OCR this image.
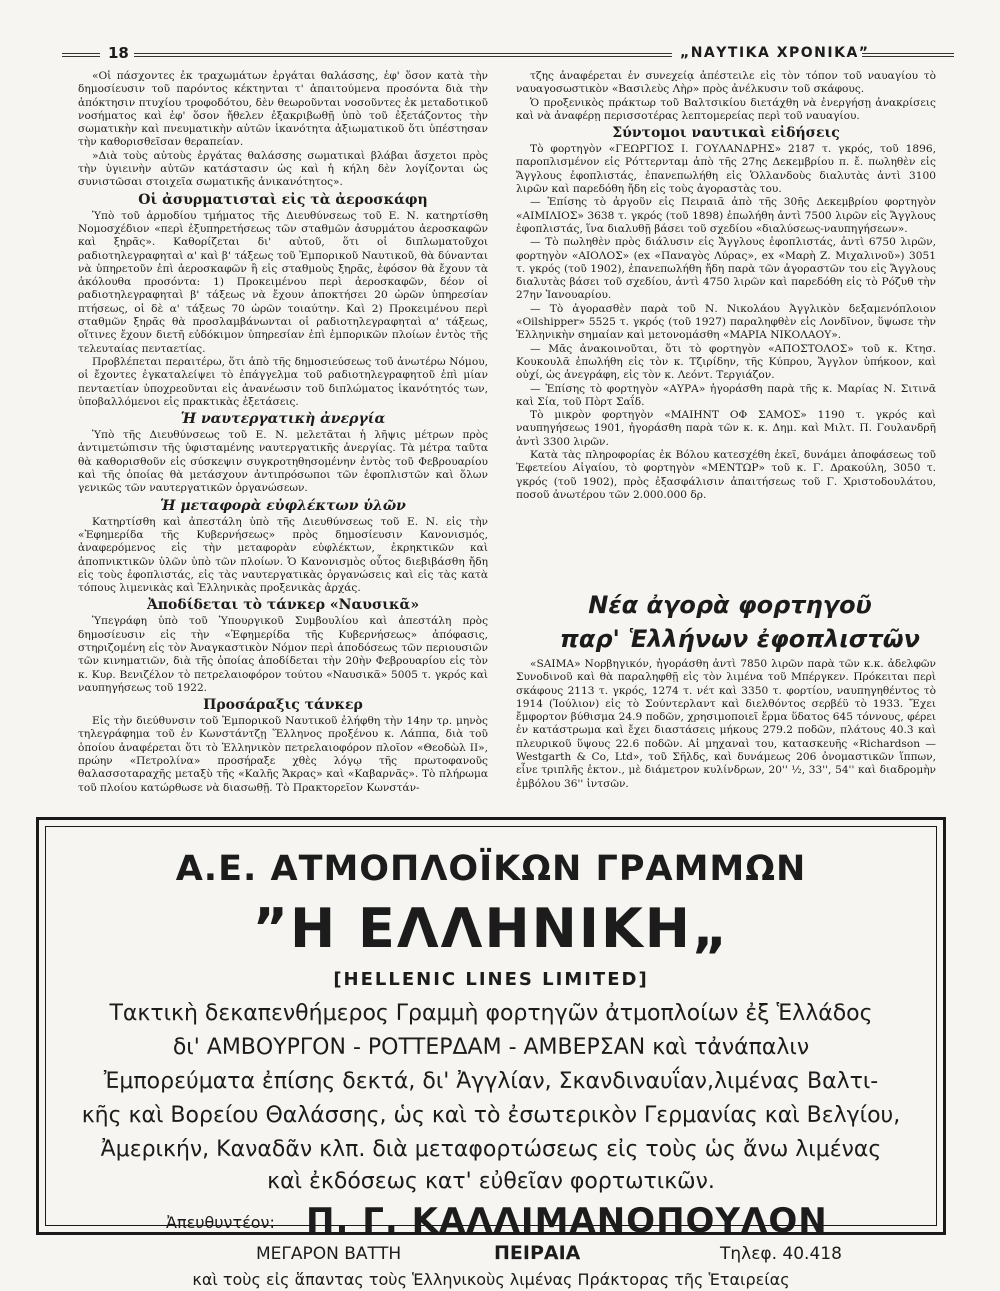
18	„ΝΑΥΤΙΚΑ ΧΡΟΝΙΚΑ”

«Οἱ πάσχοντες ἐκ τραχωμάτων ἐργάται θαλάσσης, ἐφ' ὅσον κατὰ τὴν δημοσίευσιν τοῦ παρόντος κέκτηνται τ' ἀπαιτούμενα προσόντα διὰ τὴν ἀπόκτησιν πτυχίου τροφοδότου, δὲν θεωροῦνται νοσοῦντες ἐκ μεταδοτικοῦ νοσήματος καὶ ἐφ' ὅσον ἤθελεν ἐξακριβωθῇ ὑπὸ τοῦ ἐξετάζοντος τὴν σωματικὴν καὶ πνευματικὴν αὐτῶν ἱκανότητα ἀξιωματικοῦ ὅτι ὑπέστησαν τὴν καθορισθεῖσαν θεραπείαν.

»Διὰ τοὺς αὐτοὺς ἐργάτας θαλάσσης σωματικαὶ βλάβαι ἄσχετοι πρὸς τὴν ὑγιεινὴν αὐτῶν κατάστασιν ὡς καὶ ἡ κήλη δὲν λογίζονται ὡς συνιστῶσαι στοιχεῖα σωματικῆς ἀνικανότητος».

Οἱ ἀσυρματισταὶ εἰς τὰ ἀεροσκάφη

Ὑπὸ τοῦ ἁρμοδίου τμήματος τῆς Διευθύνσεως τοῦ Ε. Ν. κατηρτίσθη Νομοσχέδιον «περὶ ἐξυπηρετήσεως τῶν σταθμῶν ἀσυρμάτου ἀεροσκαφῶν καὶ ξηρᾶς». Καθορίζεται δι' αὐτοῦ, ὅτι οἱ διπλωματοῦχοι ραδιοτηλεγραφηταὶ α' καὶ β' τάξεως τοῦ Ἐμπορικοῦ Ναυτικοῦ, θὰ δύνανται νὰ ὑπηρετοῦν ἐπὶ ἀεροσκαφῶν ἢ εἰς σταθμοὺς ξηρᾶς, ἐφόσον θὰ ἔχουν τὰ ἀκόλουθα προσόντα: 1) Προκειμένου περὶ ἀεροσκαφῶν, δέον οἱ ραδιοτηλεγραφηταὶ β' τάξεως νὰ ἔχουν ἀποκτήσει 20 ὡρῶν ὑπηρεσίαν πτήσεως, οἱ δὲ α' τάξεως 70 ὡρῶν τοιαύτην. Καὶ 2) Προκειμένου περὶ σταθμῶν ξηρᾶς θὰ προσλαμβάνωνται οἱ ραδιοτηλεγραφηταὶ α' τάξεως, οἵτινες ἔχουν διετῆ εὐδόκιμον ὑπηρεσίαν ἐπὶ ἐμπορικῶν πλοίων ἐντὸς τῆς τελευταίας πενταετίας.

Προβλέπεται περαιτέρω, ὅτι ἀπὸ τῆς δημοσιεύσεως τοῦ ἀνωτέρω Νόμου, οἱ ἔχοντες ἐγκαταλείψει τὸ ἐπάγγελμα τοῦ ραδιοτηλεγραφητοῦ ἐπὶ μίαν πενταετίαν ὑποχρεοῦνται εἰς ἀνανέωσιν τοῦ διπλώματος ἱκανότητός των, ὑποβαλλόμενοι εἰς πρακτικὰς ἐξετάσεις.

Ἡ ναυτεργατικὴ ἀνεργία

Ὑπὸ τῆς Διευθύνσεως τοῦ Ε. Ν. μελετᾶται ἡ λῆψις μέτρων πρὸς ἀντιμετώπισιν τῆς ὑφισταμένης ναυτεργατικῆς ἀνεργίας. Τὰ μέτρα ταῦτα θὰ καθορισθοῦν εἰς σύσκεψιν συγκροτηθησομένην ἐντὸς τοῦ Φεβρουαρίου καὶ τῆς ὁποίας θὰ μετάσχουν ἀντιπρόσωποι τῶν ἐφοπλιστῶν καὶ ὅλων γενικῶς τῶν ναυτεργατικῶν ὀργανώσεων.

Ἡ μεταφορὰ εὐφλέκτων ὑλῶν

Κατηρτίσθη καὶ ἀπεστάλη ὑπὸ τῆς Διευθύνσεως τοῦ Ε. Ν. εἰς τὴν «Ἐφημερίδα τῆς Κυβερνήσεως» πρὸς δημοσίευσιν Κανονισμός, ἀναφερόμενος εἰς τὴν μεταφορὰν εὐφλέκτων, ἐκρηκτικῶν καὶ ἀποπνικτικῶν ὑλῶν ὑπὸ τῶν πλοίων. Ὁ Κανονισμὸς οὗτος διεβιβάσθη ἤδη εἰς τοὺς ἐφοπλιστάς, εἰς τὰς ναυτεργατικὰς ὀργανώσεις καὶ εἰς τὰς κατὰ τόπους λιμενικὰς καὶ Ἑλληνικὰς προξενικὰς ἀρχάς.

Ἀποδίδεται τὸ τάνκερ «Ναυσικᾶ»

Ὑπεγράφη ὑπὸ τοῦ Ὑπουργικοῦ Συμβουλίου καὶ ἀπεστάλη πρὸς δημοσίευσιν εἰς τὴν «Ἐφημερίδα τῆς Κυβερνήσεως» ἀπόφασις, στηριζομένη εἰς τὸν Ἀναγκαστικὸν Νόμον περὶ ἀποδόσεως τῶν περιουσιῶν τῶν κινηματιῶν, διὰ τῆς ὁποίας ἀποδίδεται τὴν 20ὴν Φεβρουαρίου εἰς τὸν κ. Κυρ. Βενιζέλον τὸ πετρελαιοφόρον τούτου «Ναυσικᾶ» 5005 τ. γκρός καὶ ναυπηγήσεως τοῦ 1922.

Προσάραξις τάνκερ

Εἰς τὴν διεύθυνσιν τοῦ Ἐμπορικοῦ Ναυτικοῦ ἐλήφθη τὴν 14ην τρ. μηνὸς τηλεγράφημα τοῦ ἐν Κωνστάντζῃ Ἕλληνος προξένου κ. Λάππα, διὰ τοῦ ὁποίου ἀναφέρεται ὅτι τὸ Ἑλληνικὸν πετρελαιοφόρον πλοῖον «Θεοδὼλ ΙΙ», πρώην «Πετρολίνα» προσήραξε χθὲς λόγῳ τῆς πρωτοφανοῦς θαλασσοταραχῆς μεταξὺ τῆς «Καλῆς Ἄκρας» καὶ «Καβαρνᾶς». Τὸ πλήρωμα τοῦ πλοίου κατώρθωσε νὰ διασωθῇ. Τὸ Πρακτορεῖον Κωνστάν-

τζης ἀναφέρεται ἐν συνεχείᾳ ἀπέστειλε εἰς τὸν τόπον τοῦ ναυαγίου τὸ ναυαγοσωστικὸν «Βασιλεὺς Λὴρ» πρὸς ἀνέλκυσιν τοῦ σκάφους.

Ὁ προξενικὸς πράκτωρ τοῦ Βαλτσικίου διετάχθη νὰ ἐνεργήσῃ ἀνακρίσεις καὶ νὰ ἀναφέρῃ περισσοτέρας λεπτομερείας περὶ τοῦ ναυαγίου.

Σύντομοι ναυτικαὶ εἰδήσεις

Τὸ φορτηγὸν «ΓΕΩΡΓΙΟΣ Ι. ΓΟΥΛΑΝΔΡΗΣ» 2187 τ. γκρός, τοῦ 1896, παροπλισμένον εἰς Ρόττερνταμ ἀπὸ τῆς 27ης Δεκεμβρίου π. ἔ. πωληθὲν εἰς Ἄγγλους ἐφοπλιστάς, ἐπανεπωλήθη εἰς Ὁλλανδοὺς διαλυτὰς ἀντὶ 3100 λιρῶν καὶ παρεδόθη ἤδη εἰς τοὺς ἀγοραστὰς του.

— Ἐπίσης τὸ ἀργοῦν εἰς Πειραιᾶ ἀπὸ τῆς 30ῆς Δεκεμβρίου φορτηγὸν «ΑΙΜΙΛΙΟΣ» 3638 τ. γκρός (τοῦ 1898) ἐπωλήθη ἀντὶ 7500 λιρῶν εἰς Ἄγγλους ἐφοπλιστάς, ἵνα διαλυθῇ βάσει τοῦ σχεδίου «διαλύσεως-ναυπηγήσεων».

— Τὸ πωληθὲν πρὸς διάλυσιν εἰς Ἄγγλους ἐφοπλιστάς, ἀντὶ 6750 λιρῶν, φορτηγὸν «ΑΙΟΛΟΣ» (ex «Παναγὸς Λύρας», ex «Μαρὴ Ζ. Μιχαλινοῦ») 3051 τ. γκρός (τοῦ 1902), ἐπανεπωλήθη ἤδη παρὰ τῶν ἀγοραστῶν του εἰς Ἄγγλους διαλυτὰς βάσει τοῦ σχεδίου, ἀντὶ 4750 λιρῶν καὶ παρεδόθη εἰς τὸ Ρόζυθ τὴν 27ην Ἰανουαρίου.

— Τὸ ἀγορασθὲν παρὰ τοῦ Ν. Νικολάου Ἀγγλικὸν δεξαμενόπλοιον «Oilshipper» 5525 τ. γκρός (τοῦ 1927) παραληφθὲν εἰς Λονδῖνον, ὕψωσε τὴν Ἑλληνικὴν σημαίαν καὶ μετονομάσθη «ΜΑΡΙΑ ΝΙΚΟΛΑΟΥ».

— Μᾶς ἀνακοινοῦται, ὅτι τὸ φορτηγὸν «ΑΠΟΣΤΟΛΟΣ» τοῦ κ. Κτησ. Κουκουλᾶ ἐπωλήθη εἰς τὸν κ. Τζιρίδην, τῆς Κύπρου, Ἄγγλον ὑπήκοον, καὶ οὐχί, ὡς ἀνεγράφη, εἰς τὸν κ. Λεόντ. Τεργιάζον.

— Ἐπίσης τὸ φορτηγὸν «ΑΥΡΑ» ἠγοράσθη παρὰ τῆς κ. Μαρίας Ν. Σιτινᾶ καὶ Σία, τοῦ Πὸρτ Σαΐδ.

Τὸ μικρὸν φορτηγὸν «ΜΑΙΗΝΤ ΟΦ ΣΑΜΟΣ» 1190 τ. γκρός καὶ ναυπηγήσεως 1901, ἠγοράσθη παρὰ τῶν κ. κ. Δημ. καὶ Μιλτ. Π. Γουλανδρῆ ἀντὶ 3300 λιρῶν.

Κατὰ τὰς πληροφορίας ἐκ Βόλου κατεσχέθη ἐκεῖ, δυνάμει ἀποφάσεως τοῦ Ἐφετείου Αἰγαίου, τὸ φορτηγὸν «ΜΕΝΤΩΡ» τοῦ κ. Γ. Δρακούλη, 3050 τ. γκρός (τοῦ 1902), πρὸς ἐξασφάλισιν ἀπαιτήσεως τοῦ Γ. Χριστοδουλάτου, ποσοῦ ἀνωτέρου τῶν 2.000.000 δρ.

Νέα ἀγορὰ φορτηγοῦ
παρ' Ἑλλήνων ἐφοπλιστῶν

«SAIMA» Νορβηγικόν, ἠγοράσθη ἀντὶ 7850 λιρῶν παρὰ τῶν κ.κ. ἀδελφῶν Συνοδινοῦ καὶ θὰ παραληφθῇ εἰς τὸν λιμένα τοῦ Μπέργκεν. Πρόκειται περὶ σκάφους 2113 τ. γκρός, 1274 τ. νέτ καὶ 3350 τ. φορτίου, ναυπηγηθέντος τὸ 1914 (Ἰούλιον) εἰς τὸ Σούντερλαντ καὶ διελθόντος σερβέϋ τὸ 1933. Ἔχει ἔμφορτον βύθισμα 24.9 ποδῶν, χρησιμοποιεῖ ἔρμα ὕδατος 645 τόννους, φέρει ἐν κατάστρωμα καὶ ἔχει διαστάσεις μήκους 279.2 ποδῶν, πλάτους 40.3 καὶ πλευρικοῦ ὕψους 22.6 ποδῶν. Αἱ μηχαναὶ του, κατασκευῆς «Richardson — Westgarth & Co, Ltd», τοῦ Σῆλδς, καὶ δυνάμεως 206 ὀνομαστικῶν ἵππων, εἶνε τριπλῆς ἐκτον., μὲ διάμετρον κυλίνδρων, 20'' ½, 33'', 54'' καὶ διαδρομὴν ἐμβόλου 36'' ἰντσῶν.

Α.Ε. ΑΤΜΟΠΛΟΪΚΩΝ ΓΡΑΜΜΩΝ
”Η ΕΛΛΗΝΙΚΗ„
[HELLENIC LINES LIMITED]
Τακτικὴ δεκαπενθήμερος Γραμμὴ φορτηγῶν ἀτμοπλοίων ἐξ Ἑλλάδος
δι' ΑΜΒΟΥΡΓΟΝ - ΡΟΤΤΕΡΔΑΜ - ΑΜΒΕΡΣΑΝ καὶ τἀνάπαλιν
Ἐμπορεύματα ἐπίσης δεκτά, δι' Ἀγγλίαν, Σκανδιναυΐαν,λιμένας Βαλτι-
κῆς καὶ Βορείου Θαλάσσης, ὡς καὶ τὸ ἐσωτερικὸν Γερμανίας καὶ Βελγίου,
Ἀμερικήν, Καναδᾶν κλπ. διὰ μεταφορτώσεως εἰς τοὺς ὡς ἄνω λιμένας
καὶ ἐκδόσεως κατ' εὐθεῖαν φορτωτικῶν.
Ἀπευθυντέον: Π. Γ. ΚΑΛΛΙΜΑΝΟΠΟΥΛΟΝ
ΜΕΓΑΡΟΝ ΒΑΤΤΗ	ΠΕΙΡΑΙΑ	Τηλεφ. 40.418
καὶ τοὺς εἰς ἅπαντας τοὺς Ἑλληνικοὺς λιμένας Πράκτορας τῆς Ἑταιρείας
